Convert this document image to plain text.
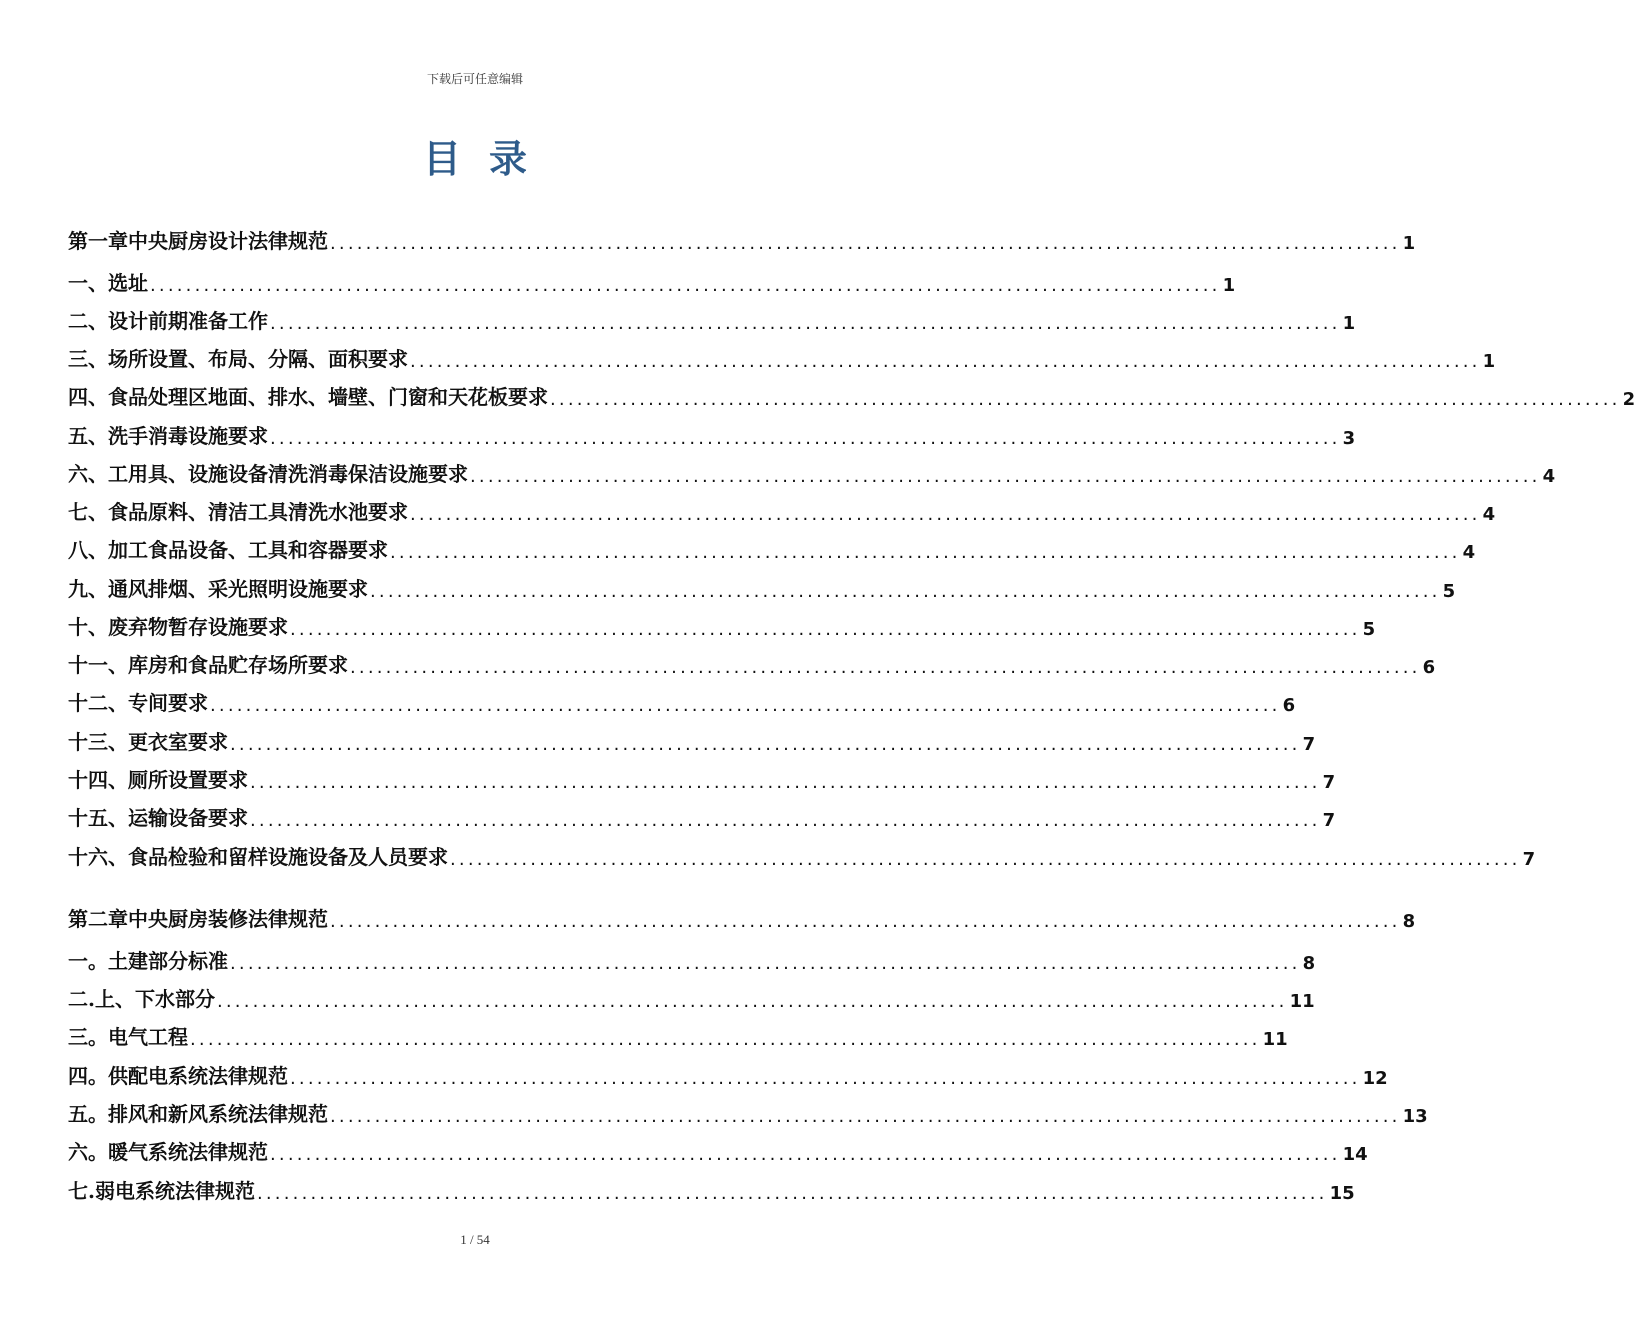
下载后可任意编辑
目录
第一章 中央厨房设计法律规范 ........................................................................................................................ 1
一、 选址 ........................................................................................................................ 1
二、 设计前期准备工作 ........................................................................................................................ 1
三、 场所设置、布局、分隔、面积要求 ........................................................................................................................ 1
四、 食品处理区地面、排水、墙壁、门窗和天花板要求 ........................................................................................................................ 2
五、 洗手消毒设施要求 ........................................................................................................................ 3
六、 工用具、设施设备清洗消毒保洁设施要求 ........................................................................................................................ 4
七、 食品原料、清洁工具清洗水池要求 ........................................................................................................................ 4
八、 加工食品设备、工具和容器要求 ........................................................................................................................ 4
九、 通风排烟、采光照明设施要求 ........................................................................................................................ 5
十、 废弃物暂存设施要求 ........................................................................................................................ 5
十一、 库房和食品贮存场所要求 ........................................................................................................................ 6
十二、 专间要求 ........................................................................................................................ 6
十三、 更衣室要求 ........................................................................................................................ 7
十四、 厕所设置要求 ........................................................................................................................ 7
十五、 运输设备要求 ........................................................................................................................ 7
十六、 食品检验和留样设施设备及人员要求 ........................................................................................................................ 7
第二章 中央厨房装修法律规范 ........................................................................................................................ 8
一。 土建部分标准 ........................................................................................................................ 8
二. 上、下水部分 ........................................................................................................................ 11
三。 电气工程 ........................................................................................................................ 11
四。 供配电系统法律规范 ........................................................................................................................ 12
五。 排风和新风系统法律规范 ........................................................................................................................ 13
六。 暖气系统法律规范 ........................................................................................................................ 14
七. 弱电系统法律规范 ........................................................................................................................ 15
1 / 54
